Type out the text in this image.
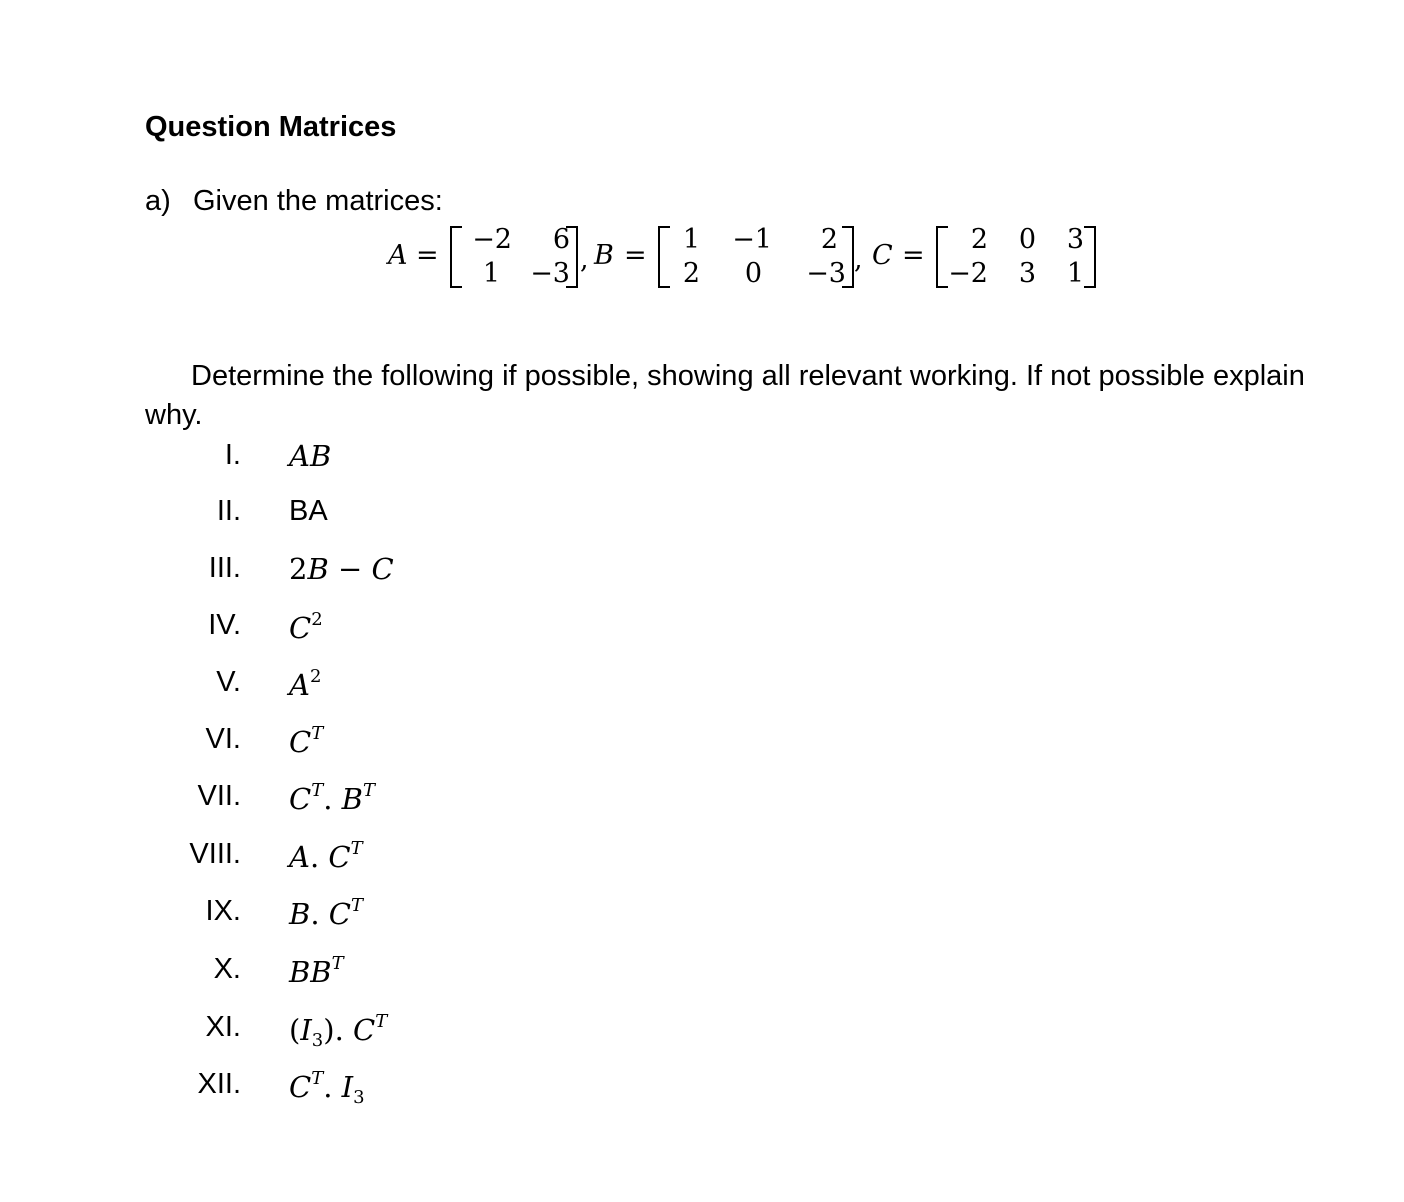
Question Matrices
a) Given the matrices:
A =
−2	6
1	−3 , B =
1	−1	2
2	0	−3 , C =
2	0	3
−2	3	1
Determine the following if possible, showing all relevant working. If not possible explain why.
I. AB
II. BA
III. 2B − C
IV. $C^2$
V. $A^2$
VI. $C^T$
VII. $C^T$. $B^T$
VIII. A. $C^T$
IX. B. $C^T$
X. $BB^T$
XI. $(I_3)$. $C^T$
XII. $C^T$. $I_3$
